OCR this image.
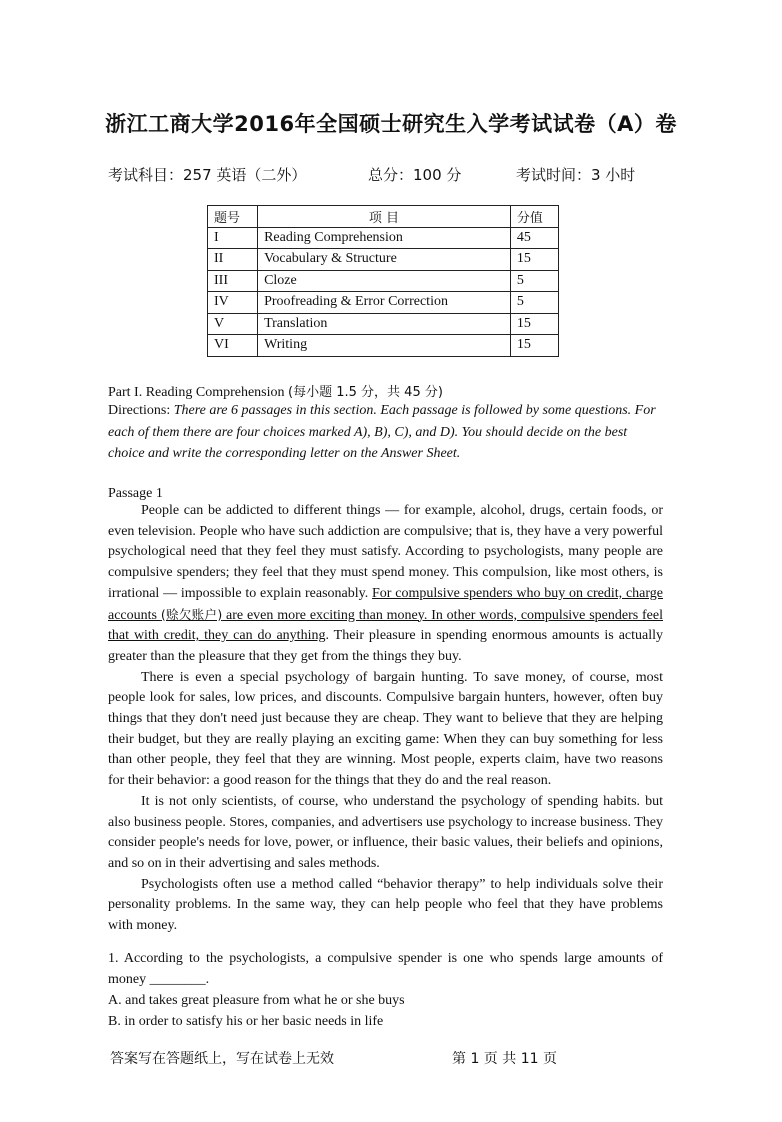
浙江工商大学2016年全国硕士研究生入学考试试卷（A）卷
考试科目：257 英语（二外）	总分：100 分	考试时间：3 小时
题号	项 目	分值
I	Reading Comprehension	45
II	Vocabulary & Structure	15
III	Cloze	5
IV	Proofreading & Error Correction	5
V	Translation	15
VI	Writing	15
Part I. Reading Comprehension (每小题 1.5 分，共 45 分)
Directions: There are 6 passages in this section. Each passage is followed by some questions. For each of them there are four choices marked A), B), C), and D). You should decide on the best choice and write the corresponding letter on the Answer Sheet.
Passage 1

People can be addicted to different things — for example, alcohol, drugs, certain foods, or even television. People who have such addiction are compulsive; that is, they have a very powerful psychological need that they feel they must satisfy. According to psychologists, many people are compulsive spenders; they feel that they must spend money. This compulsion, like most others, is irrational — impossible to explain reasonably. For compulsive spenders who buy on credit, charge accounts (赊欠账户) are even more exciting than money. In other words, compulsive spenders feel that with credit, they can do anything. Their pleasure in spending enormous amounts is actually greater than the pleasure that they get from the things they buy.

There is even a special psychology of bargain hunting. To save money, of course, most people look for sales, low prices, and discounts. Compulsive bargain hunters, however, often buy things that they don't need just because they are cheap. They want to believe that they are helping their budget, but they are really playing an exciting game: When they can buy something for less than other people, they feel that they are winning. Most people, experts claim, have two reasons for their behavior: a good reason for the things that they do and the real reason.

It is not only scientists, of course, who understand the psychology of spending habits. but also business people. Stores, companies, and advertisers use psychology to increase business. They consider people's needs for love, power, or influence, their basic values, their beliefs and opinions, and so on in their advertising and sales methods.

Psychologists often use a method called “behavior therapy” to help individuals solve their personality problems. In the same way, they can help people who feel that they have problems with money.

1. According to the psychologists, a compulsive spender is one who spends large amounts of money ________.
A. and takes great pleasure from what he or she buys
B. in order to satisfy his or her basic needs in life
答案写在答题纸上，写在试卷上无效	第 1 页 共 11 页
